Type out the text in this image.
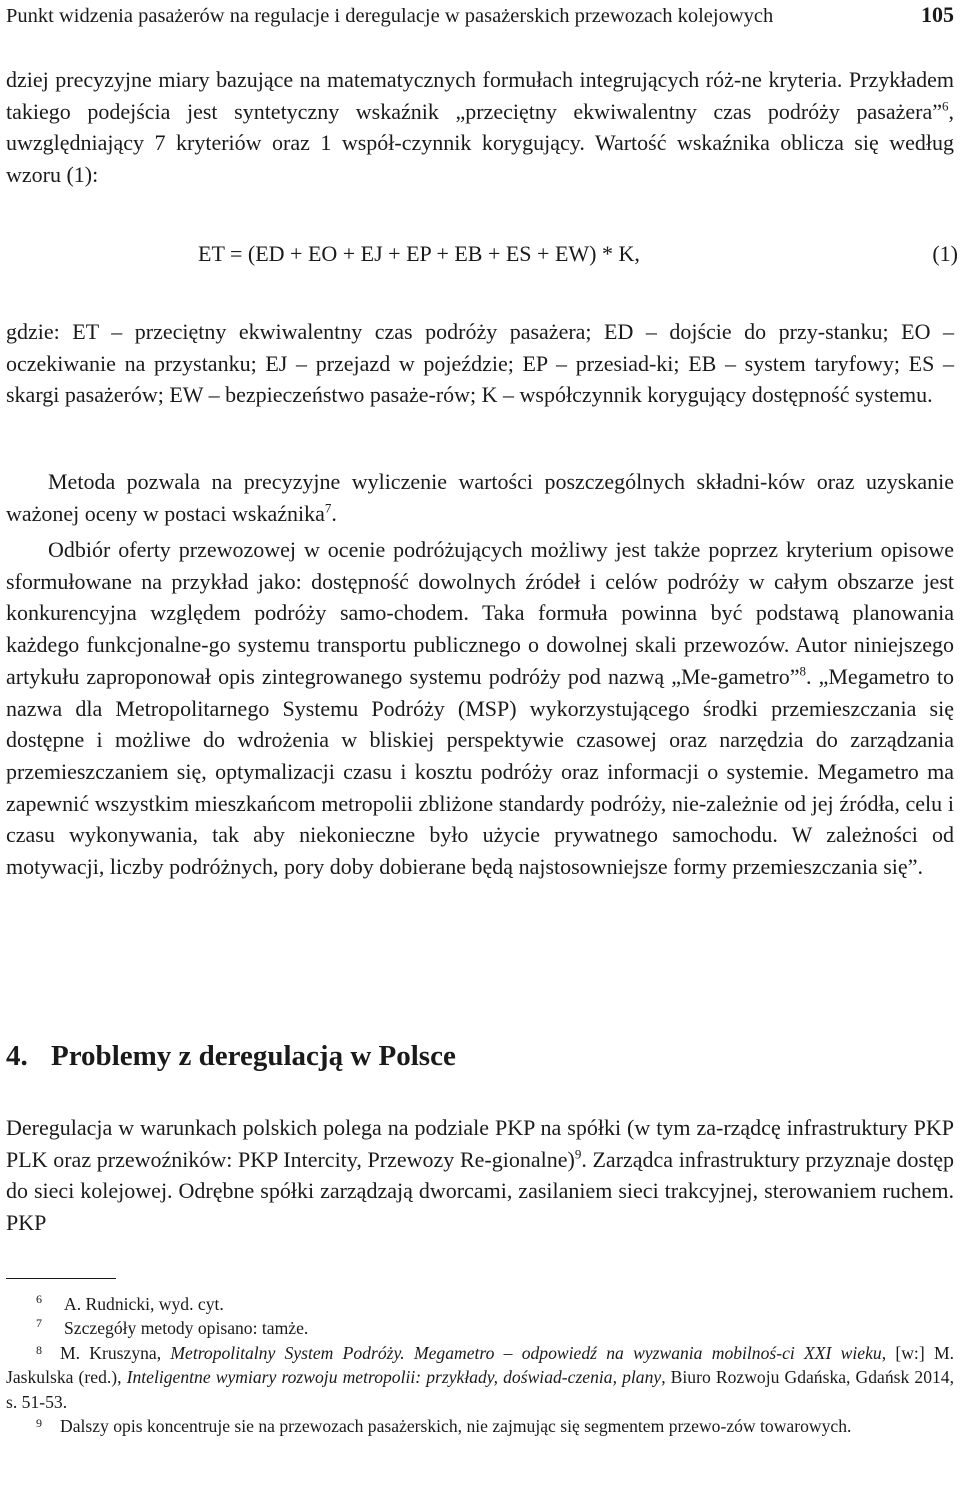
Punkt widzenia pasażerów na regulacje i deregulacje w pasażerskich przewozach kolejowych	105

dziej precyzyjne miary bazujące na matematycznych formułach integrujących róż-ne kryteria. Przykładem takiego podejścia jest syntetyczny wskaźnik „przeciętny ekwiwalentny czas podróży pasażera”$^6$, uwzględniający 7 kryteriów oraz 1 współ-czynnik korygujący. Wartość wskaźnika oblicza się według wzoru (1):

ET = (ED + EO + EJ + EP + EB + ES + EW) * K,	(1)

gdzie: ET – przeciętny ekwiwalentny czas podróży pasażera; ED – dojście do przy-stanku; EO – oczekiwanie na przystanku; EJ – przejazd w pojeździe; EP – przesiad-ki; EB – system taryfowy; ES – skargi pasażerów; EW – bezpieczeństwo pasaże-rów; K – współczynnik korygujący dostępność systemu.

Metoda pozwala na precyzyjne wyliczenie wartości poszczególnych składni-ków oraz uzyskanie ważonej oceny w postaci wskaźnika$^7$.

Odbiór oferty przewozowej w ocenie podróżujących możliwy jest także poprzez kryterium opisowe sformułowane na przykład jako: dostępność dowolnych źródeł i celów podróży w całym obszarze jest konkurencyjna względem podróży samo-chodem. Taka formuła powinna być podstawą planowania każdego funkcjonalne-go systemu transportu publicznego o dowolnej skali przewozów. Autor niniejszego artykułu zaproponował opis zintegrowanego systemu podróży pod nazwą „Me-gametro”$^8$. „Megametro to nazwa dla Metropolitarnego Systemu Podróży (MSP) wykorzystującego środki przemieszczania się dostępne i możliwe do wdrożenia w bliskiej perspektywie czasowej oraz narzędzia do zarządzania przemieszczaniem się, optymalizacji czasu i kosztu podróży oraz informacji o systemie. Megametro ma zapewnić wszystkim mieszkańcom metropolii zbliżone standardy podróży, nie-zależnie od jej źródła, celu i czasu wykonywania, tak aby niekonieczne było użycie prywatnego samochodu. W zależności od motywacji, liczby podróżnych, pory doby dobierane będą najstosowniejsze formy przemieszczania się”.

4. Problemy z deregulacją w Polsce

Deregulacja w warunkach polskich polega na podziale PKP na spółki (w tym za-rządcę infrastruktury PKP PLK oraz przewoźników: PKP Intercity, Przewozy Re-gionalne)$^9$. Zarządca infrastruktury przyznaje dostęp do sieci kolejowej. Odrębne spółki zarządzają dworcami, zasilaniem sieci trakcyjnej, sterowaniem ruchem. PKP

6 A. Rudnicki, wyd. cyt.

7 Szczegóły metody opisano: tamże.

$^8$ M. Kruszyna, Metropolitalny System Podróży. Megametro – odpowiedź na wyzwania mobilnoś-ci XXI wieku, [w:] M. Jaskulska (red.), Inteligentne wymiary rozwoju metropolii: przykłady, doświad-czenia, plany, Biuro Rozwoju Gdańska, Gdańsk 2014, s. 51-53.

$^9$ Dalszy opis koncentruje sie na przewozach pasażerskich, nie zajmując się segmentem przewo-zów towarowych.
